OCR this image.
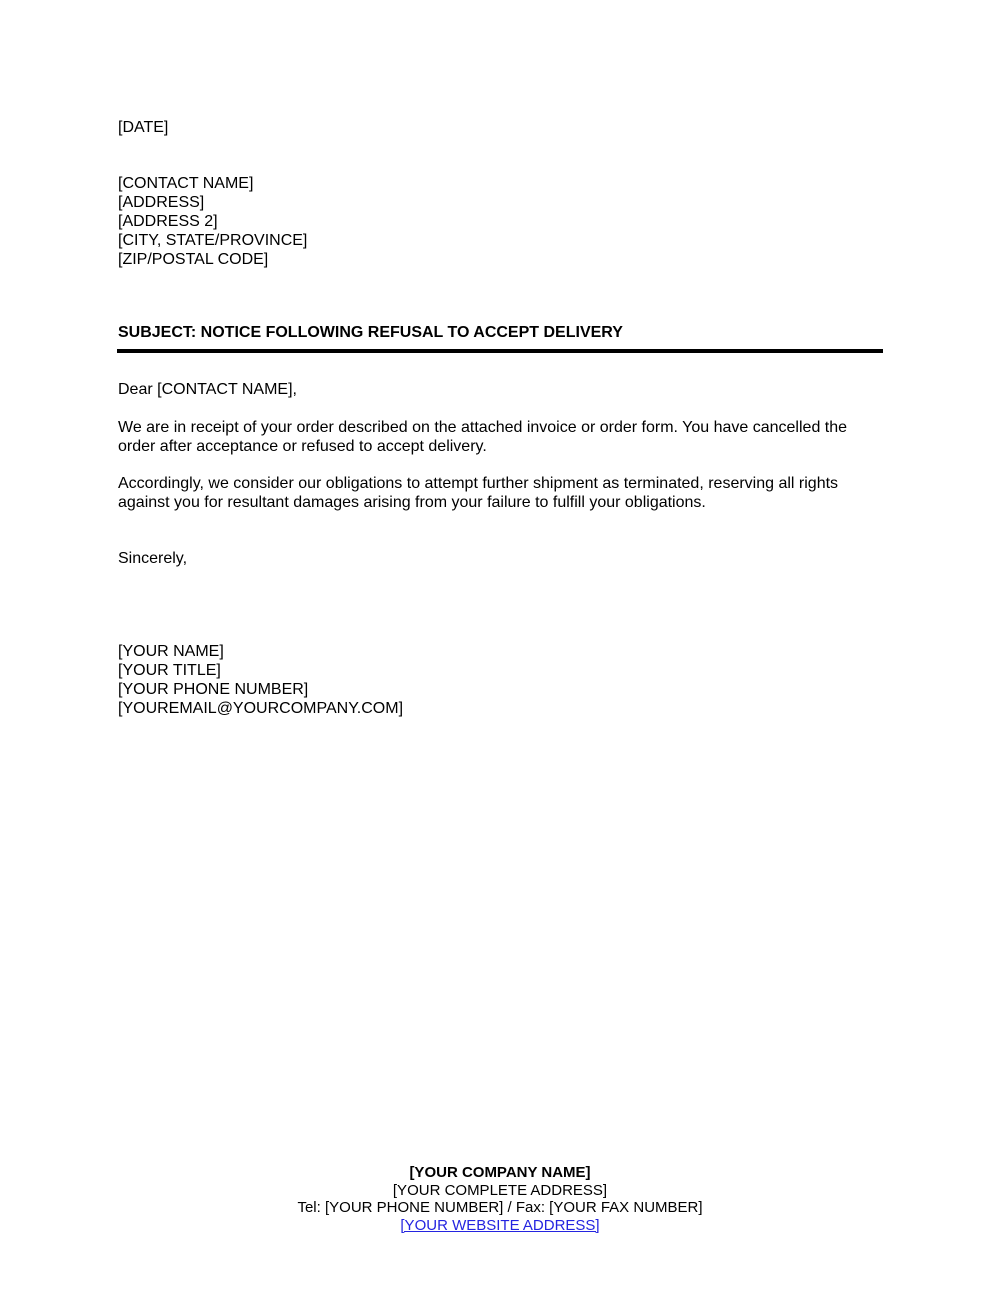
[DATE]
[CONTACT NAME]
[ADDRESS]
[ADDRESS 2]
[CITY, STATE/PROVINCE]
[ZIP/POSTAL CODE]
SUBJECT: NOTICE FOLLOWING REFUSAL TO ACCEPT DELIVERY
Dear [CONTACT NAME],
We are in receipt of your order described on the attached invoice or order form. You have cancelled the
order after acceptance or refused to accept delivery.
Accordingly, we consider our obligations to attempt further shipment as terminated, reserving all rights
against you for resultant damages arising from your failure to fulfill your obligations.
Sincerely,
[YOUR NAME]
[YOUR TITLE]
[YOUR PHONE NUMBER]
[YOUREMAIL@YOURCOMPANY.COM]
[YOUR COMPANY NAME]
[YOUR COMPLETE ADDRESS]
Tel: [YOUR PHONE NUMBER] / Fax: [YOUR FAX NUMBER]
[YOUR WEBSITE ADDRESS]
